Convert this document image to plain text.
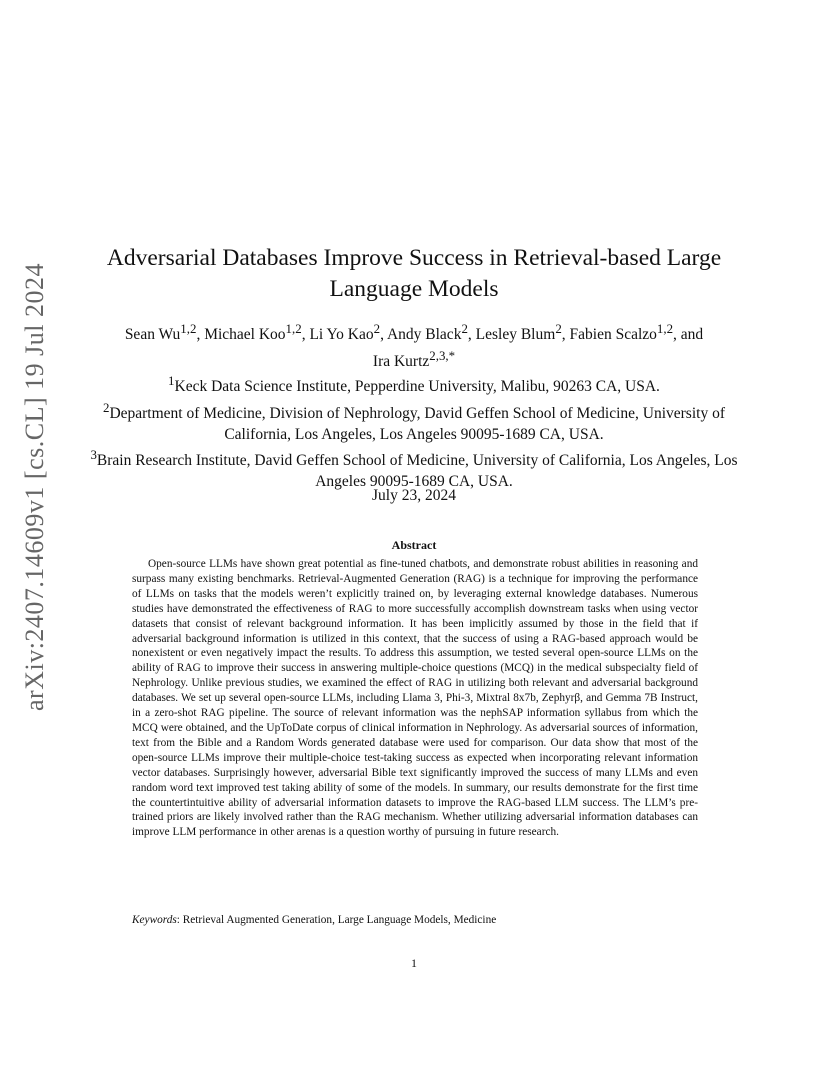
arXiv:2407.14609v1 [cs.CL] 19 Jul 2024
Adversarial Databases Improve Success in Retrieval-based Large Language Models
Sean Wu$^{1,2}$, Michael Koo$^{1,2}$, Li Yo Kao$^2$, Andy Black$^2$, Lesley Blum$^2$, Fabien Scalzo$^{1,2}$, and
Ira Kurtz$^{2,3,*}$

$^1$Keck Data Science Institute, Pepperdine University, Malibu, 90263 CA, USA.

$^2$Department of Medicine, Division of Nephrology, David Geffen School of Medicine, University of California, Los Angeles, Los Angeles 90095-1689 CA, USA.

$^3$Brain Research Institute, David Geffen School of Medicine, University of California, Los Angeles, Los Angeles 90095-1689 CA, USA.

July 23, 2024
Abstract

Open-source LLMs have shown great potential as fine-tuned chatbots, and demonstrate robust abilities in reasoning and surpass many existing benchmarks. Retrieval-Augmented Generation (RAG) is a technique for improving the performance of LLMs on tasks that the models weren’t explicitly trained on, by leveraging external knowledge databases. Numerous studies have demonstrated the effectiveness of RAG to more successfully accomplish downstream tasks when using vector datasets that consist of relevant background information. It has been implicitly assumed by those in the field that if adversarial background information is utilized in this context, that the success of using a RAG-based approach would be nonexistent or even negatively impact the results. To address this assumption, we tested several open-source LLMs on the ability of RAG to improve their success in answering multiple-choice questions (MCQ) in the medical subspecialty field of Nephrology. Unlike previous studies, we examined the effect of RAG in utilizing both relevant and adversarial background databases. We set up several open-source LLMs, including Llama 3, Phi-3, Mixtral 8x7b, Zephyrβ, and Gemma 7B Instruct, in a zero-shot RAG pipeline. The source of relevant information was the nephSAP information syllabus from which the MCQ were obtained, and the UpToDate corpus of clinical information in Nephrology. As adversarial sources of information, text from the Bible and a Random Words generated database were used for comparison. Our data show that most of the open-source LLMs improve their multiple-choice test-taking success as expected when incorporating relevant information vector databases. Surprisingly however, adversarial Bible text significantly improved the success of many LLMs and even random word text improved test taking ability of some of the models. In summary, our results demonstrate for the first time the countertintuitive ability of adversarial information datasets to improve the RAG-based LLM success. The LLM’s pre-trained priors are likely involved rather than the RAG mechanism. Whether utilizing adversarial information databases can improve LLM performance in other arenas is a question worthy of pursuing in future research.

Keywords: Retrieval Augmented Generation, Large Language Models, Medicine
1
